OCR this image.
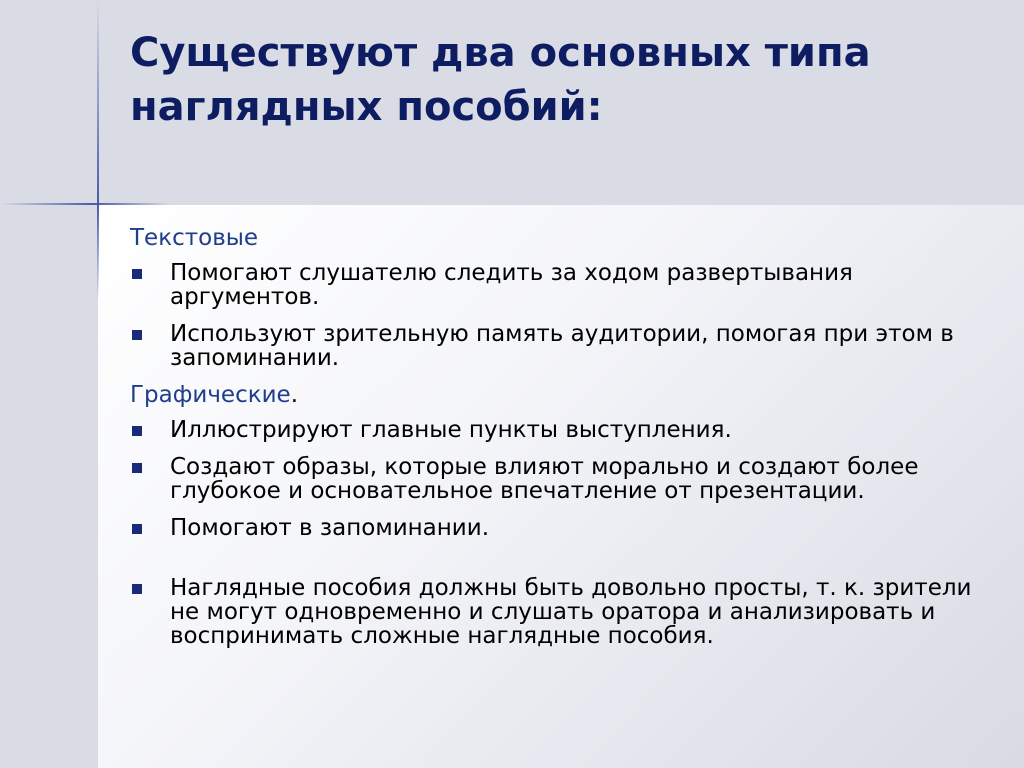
Существуют два основных типа наглядных пособий:
Текстовые
Помогают слушателю следить за ходом развертывания аргументов.
Используют зрительную память аудитории, помогая при этом в запоминании.
Графические.
Иллюстрируют главные пункты выступления.
Создают образы, которые влияют морально и создают более глубокое и основательное впечатление от презентации.
Помогают в запоминании.
Наглядные пособия должны быть довольно просты, т. к. зрители не могут одновременно и слушать оратора и анализировать и воспринимать сложные наглядные пособия.
